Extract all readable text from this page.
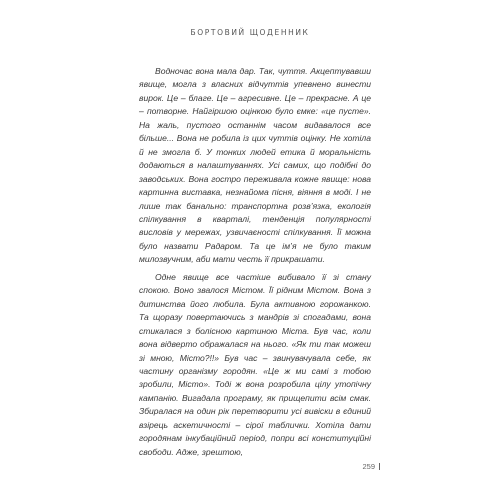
БОРТОВИЙ ЩОДЕННИК

Водночас вона мала дар. Так, чуття. Акцептувавши явище, могла з власних відчуттів упевнено винести вирок. Це – благе. Це – агресивне. Це – прекрасне. А це – потворне. Найгіршою оцінкою було ємке: «це пусте». На жаль, пустого останнім часом видавалося все більше... Вона не робила із цих чуттів оцінку. Не хотіла й не змогла б. У тонких людей етика й моральність додаються в налаштуваннях. Усі самих, що подібні до заводських. Вона гостро переживала кожне явище: нова картинна виставка, незнайома пісня, віяння в моді. І не лише так банально: транспортна розв’язка, екологія спілкування в кварталі, тенденція популярності висловів у мережах, узвичаєності спілкування. Її можна було назвати Радаром. Та це ім’я не було таким милозвучним, аби мати честь її прикрашати.

Одне явище все частіше вибивало її зі стану спокою. Воно звалося Містом. Її рідним Містом. Вона з дитинства його любила. Була активною горожанкою. Та щоразу повертаючись з мандрів зі спогадами, вона стикалася з болісною картиною Міста. Був час, коли вона відверто ображалася на нього. «Як ти так можеш зі мною, Місто?!!» Був час – звинувачувала себе, як частину організму городян. «Це ж ми самі з тобою зробили, Місто». Тоді ж вона розробила цілу утопічну кампанію. Вигадала програму, як прищепити всім смак. Збиралася на один рік перетворити усі вивіски в єдиний взірець аскетичності – сірої таблички. Хотіла дати городянам інкубаційний період, попри всі конституційні свободи. Адже, зрештою,

259
